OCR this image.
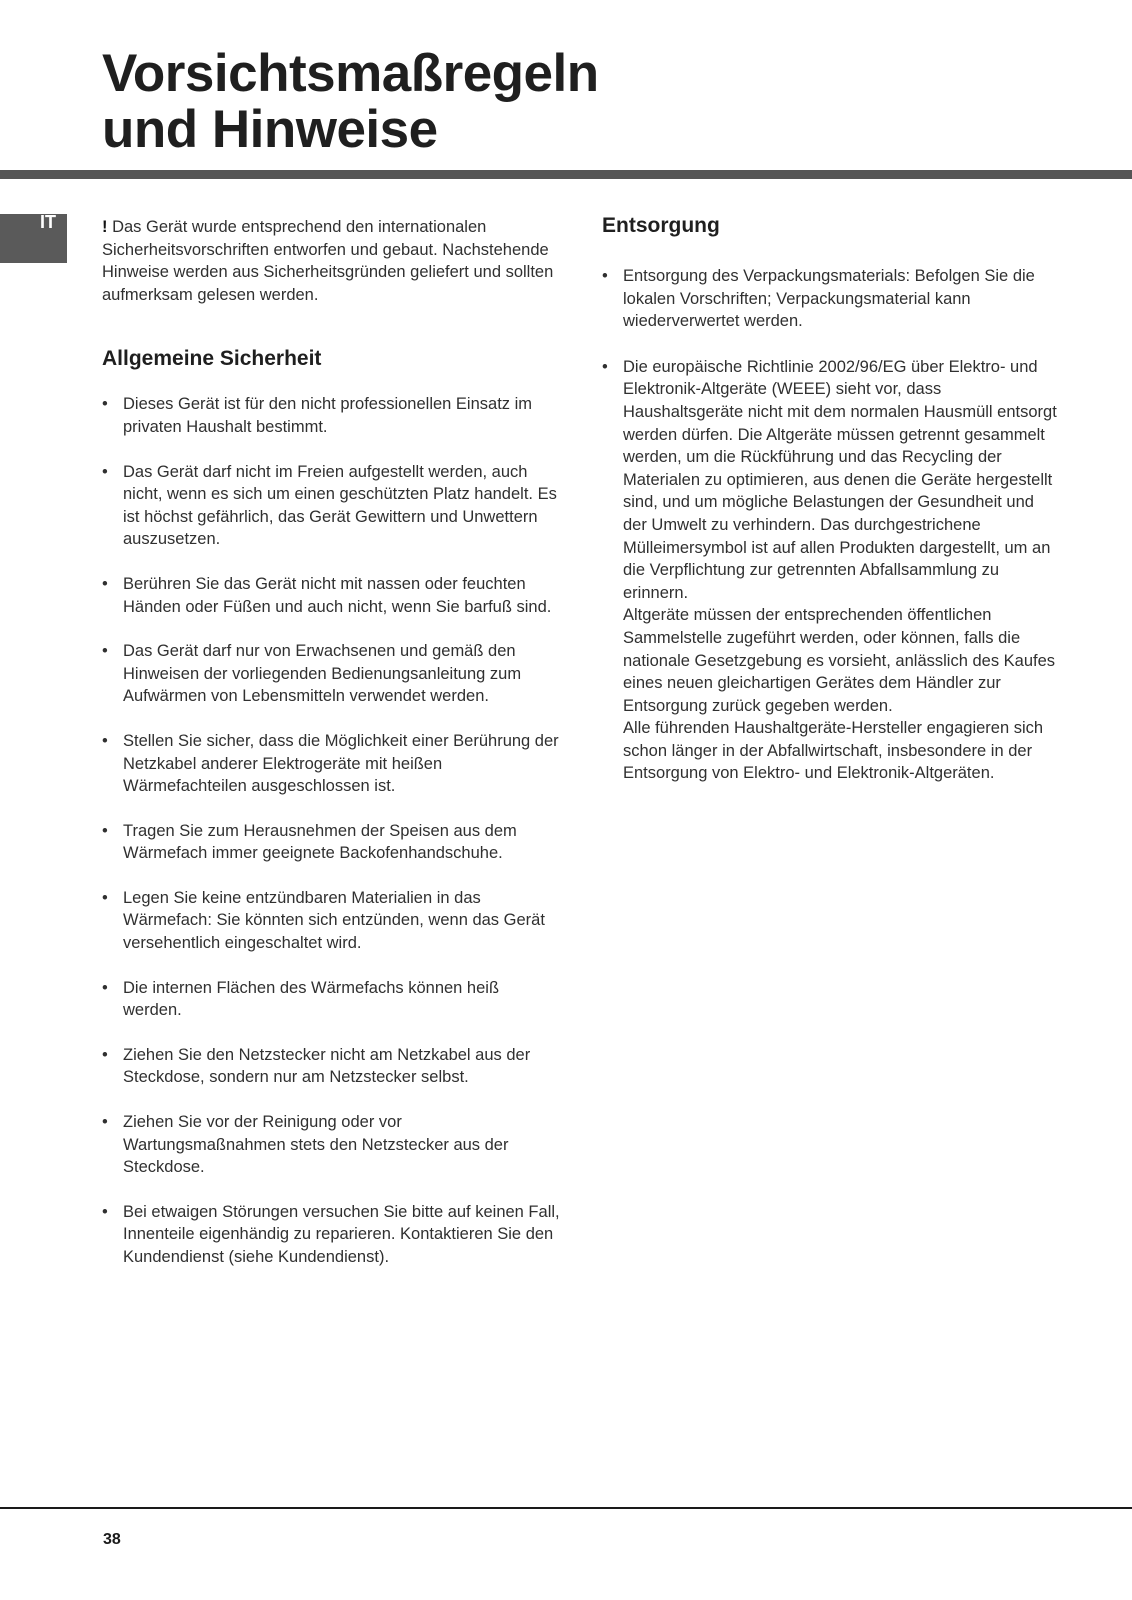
Vorsichtsmaßregeln
und Hinweise
IT	! Das Gerät wurde entsprechend den internationalen Sicherheitsvorschriften entworfen und gebaut. Nachstehende Hinweise werden aus Sicherheitsgründen geliefert und sollten aufmerksam gelesen werden.

Allgemeine Sicherheit
• Dieses Gerät ist für den nicht professionellen Einsatz im privaten Haushalt bestimmt.
• Das Gerät darf nicht im Freien aufgestellt werden, auch nicht, wenn es sich um einen geschützten Platz handelt. Es ist höchst gefährlich, das Gerät Gewittern und Unwettern auszusetzen.
• Berühren Sie das Gerät nicht mit nassen oder feuchten Händen oder Füßen und auch nicht, wenn Sie barfuß sind.
• Das Gerät darf nur von Erwachsenen und gemäß den Hinweisen der vorliegenden Bedienungsanleitung zum Aufwärmen von Lebensmitteln verwendet werden.
• Stellen Sie sicher, dass die Möglichkeit einer Berührung der Netzkabel anderer Elektrogeräte mit heißen Wärmefachteilen ausgeschlossen ist.
• Tragen Sie zum Herausnehmen der Speisen aus dem Wärmefach immer geeignete Backofenhandschuhe.
• Legen Sie keine entzündbaren Materialien in das Wärmefach: Sie könnten sich entzünden, wenn das Gerät versehentlich eingeschaltet wird.
• Die internen Flächen des Wärmefachs können heiß werden.
• Ziehen Sie den Netzstecker nicht am Netzkabel aus der Steckdose, sondern nur am Netzstecker selbst.
• Ziehen Sie vor der Reinigung oder vor Wartungsmaßnahmen stets den Netzstecker aus der Steckdose.
• Bei etwaigen Störungen versuchen Sie bitte auf keinen Fall, Innenteile eigenhändig zu reparieren. Kontaktieren Sie den Kundendienst (siehe Kundendienst).
Entsorgung
• Entsorgung des Verpackungsmaterials: Befolgen Sie die lokalen Vorschriften; Verpackungsmaterial kann wiederverwertet werden.
• Die europäische Richtlinie 2002/96/EG über Elektro- und Elektronik-Altgeräte (WEEE) sieht vor, dass Haushaltsgeräte nicht mit dem normalen Hausmüll entsorgt werden dürfen. Die Altgeräte müssen getrennt gesammelt werden, um die Rückführung und das Recycling der Materialen zu optimieren, aus denen die Geräte hergestellt sind, und um mögliche Belastungen der Gesundheit und der Umwelt zu verhindern. Das durchgestrichene Mülleimersymbol ist auf allen Produkten dargestellt, um an die Verpflichtung zur getrennten Abfallsammlung zu erinnern.
Altgeräte müssen der entsprechenden öffentlichen Sammelstelle zugeführt werden, oder können, falls die nationale Gesetzgebung es vorsieht, anlässlich des Kaufes eines neuen gleichartigen Gerätes dem Händler zur Entsorgung zurück gegeben werden.
Alle führenden Haushaltgeräte-Hersteller engagieren sich schon länger in der Abfallwirtschaft, insbesondere in der Entsorgung von Elektro- und Elektronik-Altgeräten.
38
